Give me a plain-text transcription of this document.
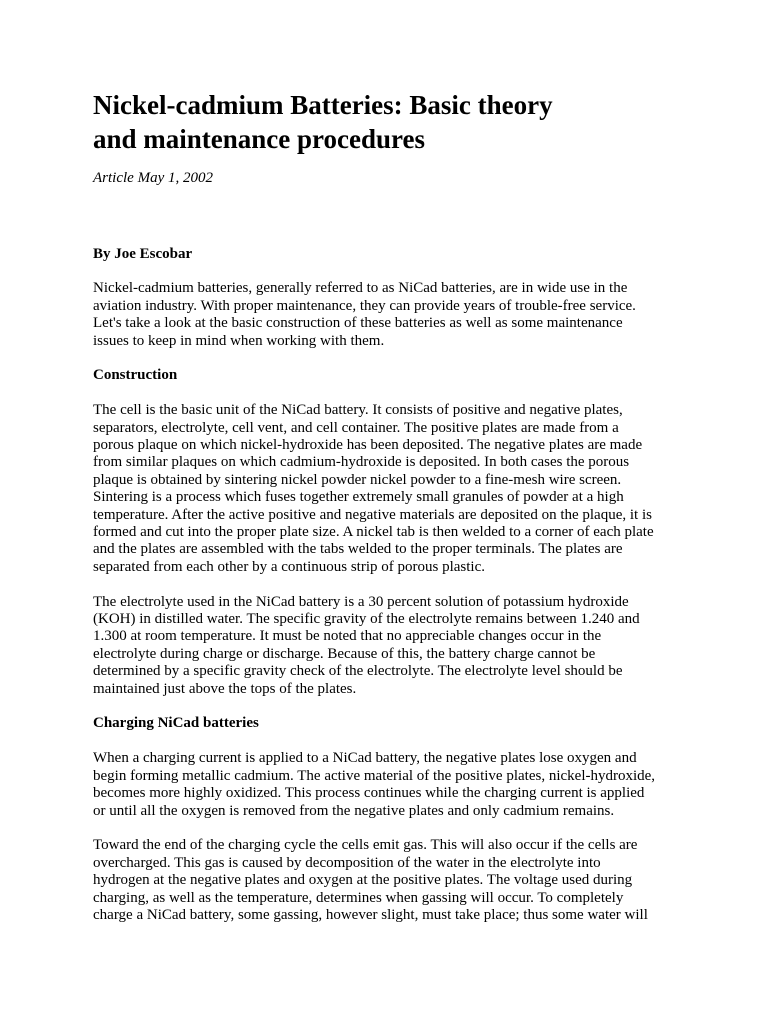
Nickel-cadmium Batteries: Basic theory
and maintenance procedures
Article May 1, 2002
By Joe Escobar

Nickel-cadmium batteries, generally referred to as NiCad batteries, are in wide use in the
aviation industry. With proper maintenance, they can provide years of trouble-free service.
Let's take a look at the basic construction of these batteries as well as some maintenance
issues to keep in mind when working with them.

Construction

The cell is the basic unit of the NiCad battery. It consists of positive and negative plates,
separators, electrolyte, cell vent, and cell container. The positive plates are made from a
porous plaque on which nickel-hydroxide has been deposited. The negative plates are made
from similar plaques on which cadmium-hydroxide is deposited. In both cases the porous
plaque is obtained by sintering nickel powder nickel powder to a fine-mesh wire screen.
Sintering is a process which fuses together extremely small granules of powder at a high
temperature. After the active positive and negative materials are deposited on the plaque, it is
formed and cut into the proper plate size. A nickel tab is then welded to a corner of each plate
and the plates are assembled with the tabs welded to the proper terminals. The plates are
separated from each other by a continuous strip of porous plastic.

The electrolyte used in the NiCad battery is a 30 percent solution of potassium hydroxide
(KOH) in distilled water. The specific gravity of the electrolyte remains between 1.240 and
1.300 at room temperature. It must be noted that no appreciable changes occur in the
electrolyte during charge or discharge. Because of this, the battery charge cannot be
determined by a specific gravity check of the electrolyte. The electrolyte level should be
maintained just above the tops of the plates.

Charging NiCad batteries

When a charging current is applied to a NiCad battery, the negative plates lose oxygen and
begin forming metallic cadmium. The active material of the positive plates, nickel-hydroxide,
becomes more highly oxidized. This process continues while the charging current is applied
or until all the oxygen is removed from the negative plates and only cadmium remains.

Toward the end of the charging cycle the cells emit gas. This will also occur if the cells are
overcharged. This gas is caused by decomposition of the water in the electrolyte into
hydrogen at the negative plates and oxygen at the positive plates. The voltage used during
charging, as well as the temperature, determines when gassing will occur. To completely
charge a NiCad battery, some gassing, however slight, must take place; thus some water will
